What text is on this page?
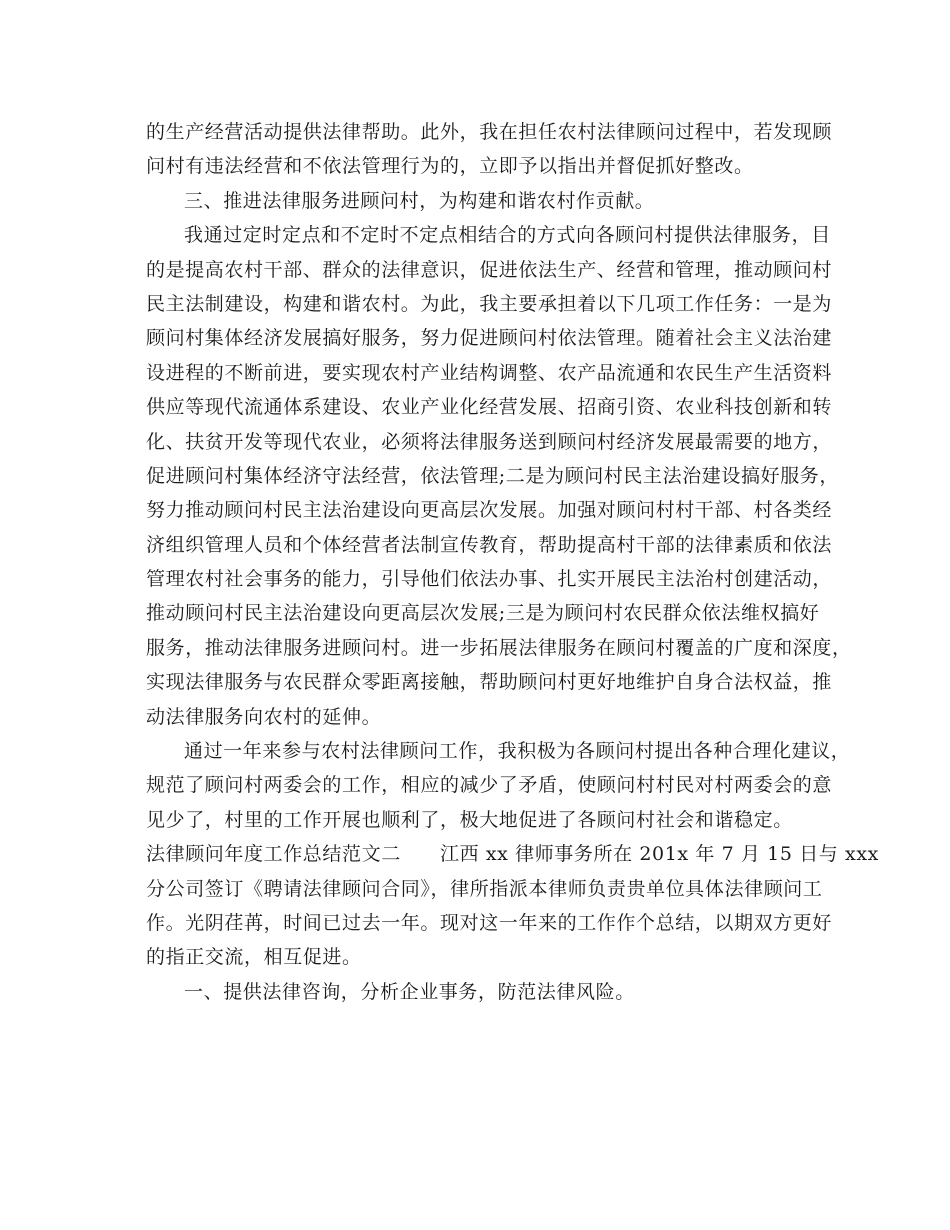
的生产经营活动提供法律帮助。此外，我在担任农村法律顾问过程中，若发现顾
问村有违法经营和不依法管理行为的，立即予以指出并督促抓好整改。
三、推进法律服务进顾问村，为构建和谐农村作贡献。
我通过定时定点和不定时不定点相结合的方式向各顾问村提供法律服务，目
的是提高农村干部、群众的法律意识，促进依法生产、经营和管理，推动顾问村
民主法制建设，构建和谐农村。为此，我主要承担着以下几项工作任务：一是为
顾问村集体经济发展搞好服务，努力促进顾问村依法管理。随着社会主义法治建
设进程的不断前进，要实现农村产业结构调整、农产品流通和农民生产生活资料
供应等现代流通体系建设、农业产业化经营发展、招商引资、农业科技创新和转
化、扶贫开发等现代农业，必须将法律服务送到顾问村经济发展最需要的地方，
促进顾问村集体经济守法经营，依法管理;二是为顾问村民主法治建设搞好服务，
努力推动顾问村民主法治建设向更高层次发展。加强对顾问村村干部、村各类经
济组织管理人员和个体经营者法制宣传教育，帮助提高村干部的法律素质和依法
管理农村社会事务的能力，引导他们依法办事、扎实开展民主法治村创建活动，
推动顾问村民主法治建设向更高层次发展;三是为顾问村农民群众依法维权搞好
服务，推动法律服务进顾问村。进一步拓展法律服务在顾问村覆盖的广度和深度，
实现法律服务与农民群众零距离接触，帮助顾问村更好地维护自身合法权益，推
动法律服务向农村的延伸。
通过一年来参与农村法律顾问工作，我积极为各顾问村提出各种合理化建议，
规范了顾问村两委会的工作，相应的减少了矛盾，使顾问村村民对村两委会的意
见少了，村里的工作开展也顺利了，极大地促进了各顾问村社会和谐稳定。
法律顾问年度工作总结范文二　　江西 xx 律师事务所在 201x 年 7 月 15 日与 xxx
分公司签订《聘请法律顾问合同》，律所指派本律师负责贵单位具体法律顾问工
作。光阴荏苒，时间已过去一年。现对这一年来的工作作个总结，以期双方更好
的指正交流，相互促进。
一、提供法律咨询，分析企业事务，防范法律风险。
